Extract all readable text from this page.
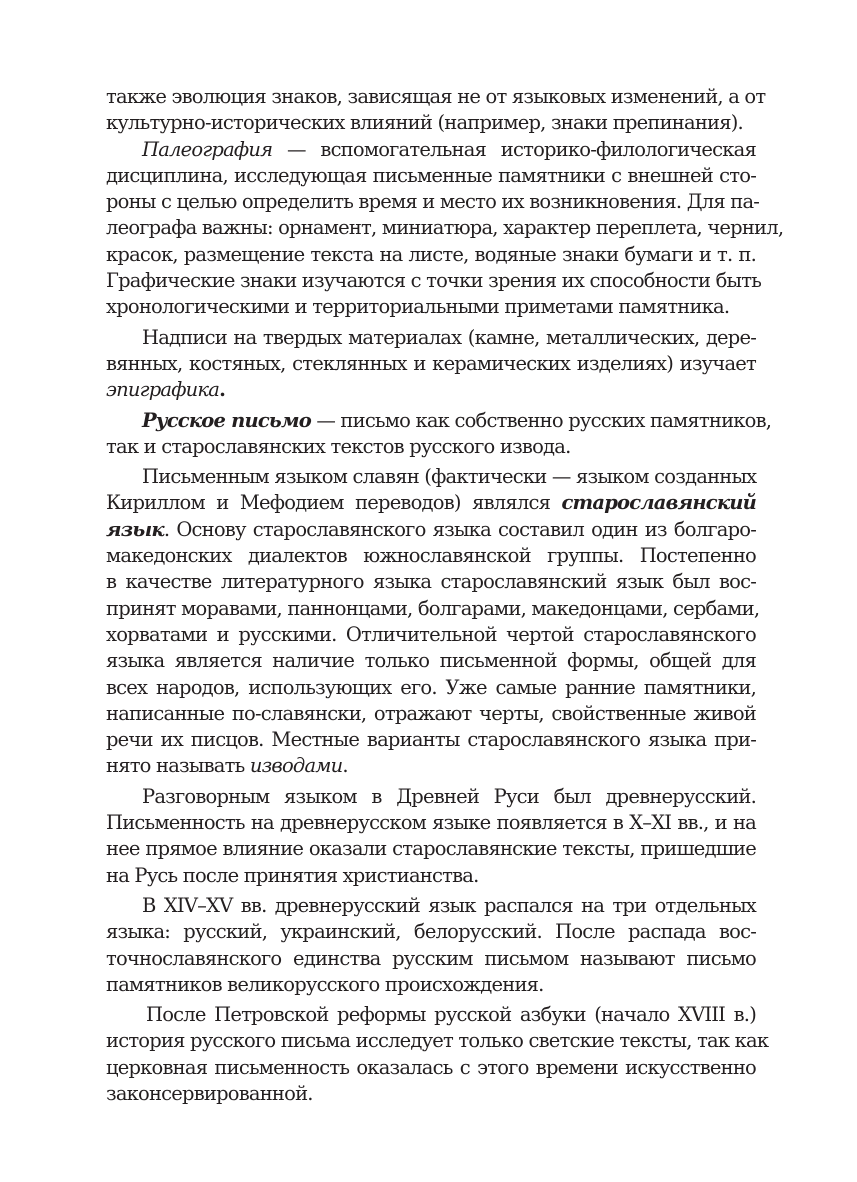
также эволюция знаков, зависящая не от языковых изменений, а от
культурно-исторических влияний (например, знаки препинания).
Палеография — вспомогательная историко-филологическая
дисциплина, исследующая письменные памятники с внешней сто-
роны с целью определить время и место их возникновения. Для па-
леографа важны: орнамент, миниатюра, характер переплета, чернил,
красок, размещение текста на листе, водяные знаки бумаги и т. п.
Графические знаки изучаются с точки зрения их способности быть
хронологическими и территориальными приметами памятника.
Надписи на твердых материалах (камне, металлических, дере-
вянных, костяных, стеклянных и керамических изделиях) изучает
эпиграфика.
Русское письмо — письмо как собственно русских памятников,
так и старославянских текстов русского извода.
Письменным языком славян (фактически — языком созданных
Кириллом и Мефодием переводов) являлся старославянский
язык. Основу старославянского языка составил один из болгаро-
македонских диалектов южнославянской группы. Постепенно
в качестве литературного языка старославянский язык был вос-
принят моравами, паннонцами, болгарами, македонцами, сербами,
хорватами и русскими. Отличительной чертой старославянского
языка является наличие только письменной формы, общей для
всех народов, использующих его. Уже самые ранние памятники,
написанные по-славянски, отражают черты, свойственные живой
речи их писцов. Местные варианты старославянского языка при-
нято называть изводами.
Разговорным языком в Древней Руси был древнерусский.
Письменность на древнерусском языке появляется в X–XI вв., и на
нее прямое влияние оказали старославянские тексты, пришедшие
на Русь после принятия христианства.
В XIV–XV вв. древнерусский язык распался на три отдельных
языка: русский, украинский, белорусский. После распада вос-
точнославянского единства русским письмом называют письмо
памятников великорусского происхождения.
После Петровской реформы русской азбуки (начало XVIII в.)
история русского письма исследует только светские тексты, так как
церковная письменность оказалась с этого времени искусственно
законсервированной.
